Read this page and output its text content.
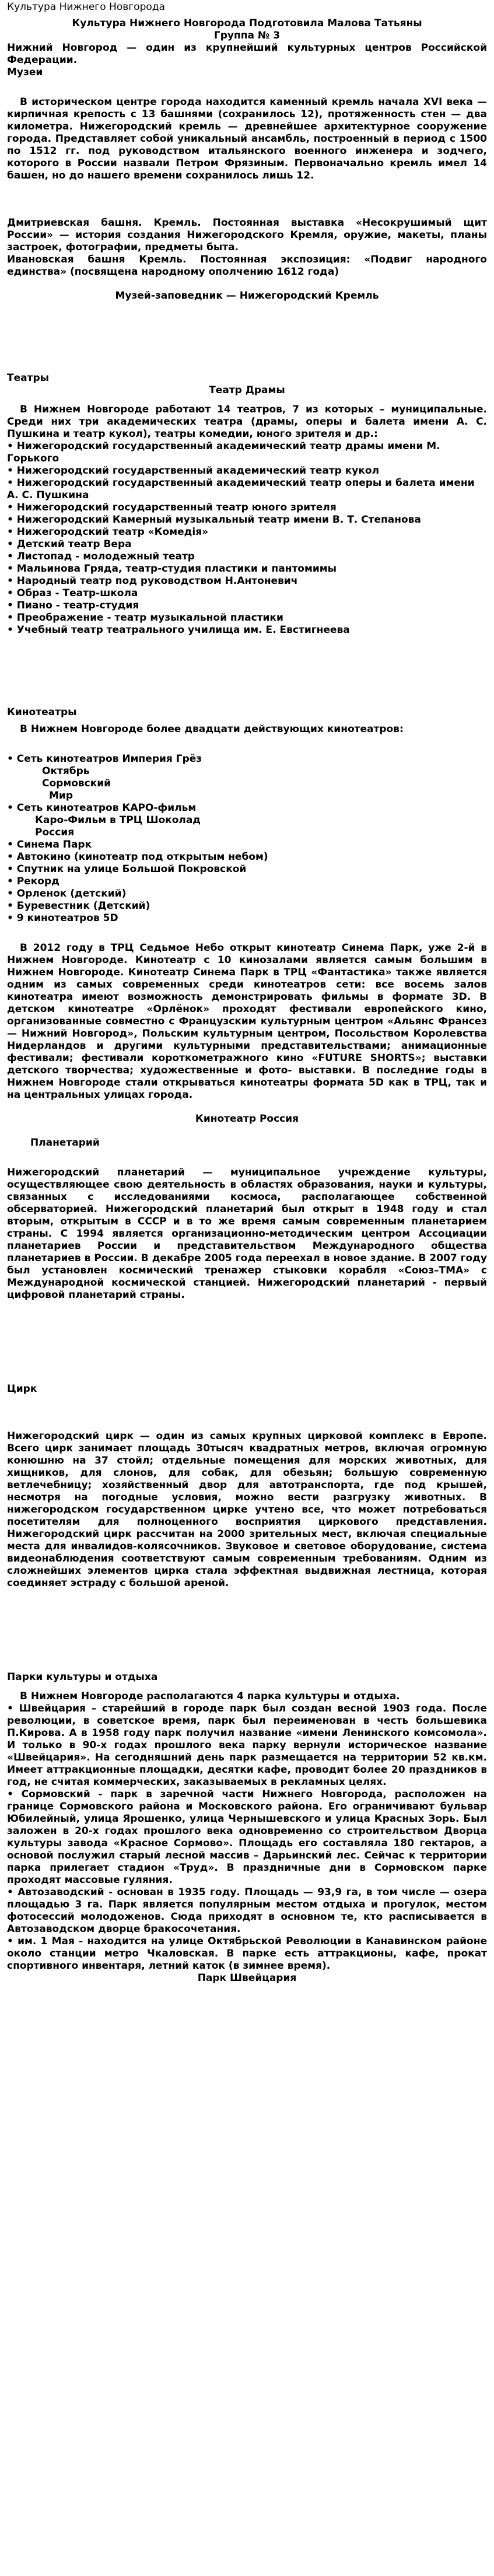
Культура Нижнего Новгорода
Культура Нижнего Новгорода Подготовила Малова Татьяны
Группа № 3
Нижний Новгород — один из крупнейший культурных центров Российской Федерации.
Музеи
В историческом центре города находится каменный кремль начала XVI века — кирпичная крепость с 13 башнями (сохранилось 12), протяженность стен — два километра. Нижегородский кремль — древнейшее архитектурное сооружение города. Представляет собой уникальный ансамбль, построенный в период с 1500 по 1512 гг. под руководством итальянского военного инженера и зодчего, которого в России назвали Петром Фрязиным. Первоначально кремль имел 14 башен, но до нашего времени сохранилось лишь 12.
Дмитриевская башня. Кремль. Постоянная выставка «Несокрушимый щит России» — история создания Нижегородского Кремля, оружие, макеты, планы застроек, фотографии, предметы быта.
Ивановская башня Кремль. Постоянная экспозиция: «Подвиг народного единства» (посвящена народному ополчению 1612 года)
Музей-заповедник — Нижегородский Кремль
Театры
Театр Драмы
В Нижнем Новгороде работают 14 театров, 7 из которых – муниципальные. Среди них три академических театра (драмы, оперы и балета имени А. С. Пушкина и театр кукол), театры комедии, юного зрителя и др.:
• Нижегородский государственный академический театр драмы имени М. Горького
• Нижегородский государственный академический театр кукол
• Нижегородский государственный академический театр оперы и балета имени А. С. Пушкина
• Нижегородский государственный театр юного зрителя
• Нижегородский Камерный музыкальный театр имени В. Т. Степанова
• Нижегородский театр «Комедія»
• Детский театр Вера
• Листопад - молодежный театр
• Мальинова Гряда, театр-студия пластики и пантомимы
• Народный театр под руководством Н.Антоневич
• Образ - Театр-школа
• Пиано - театр-студия
• Преображение - театр музыкальной пластики
• Учебный театр театрального училища им. Е. Евстигнеева
Кинотеатры
В Нижнем Новгороде более двадцати действующих кинотеатров:
• Сеть кинотеатров Империя Грёз
Октябрь
Сормовский
Мир
• Сеть кинотеатров КАРО-фильм
Каро-Фильм в ТРЦ Шоколад
Россия
• Синема Парк
• Автокино (кинотеатр под открытым небом)
• Спутник на улице Большой Покровской
• Рекорд
• Орленок (детский)
• Буревестник (Детский)
• 9 кинотеатров 5D
В 2012 году в ТРЦ Седьмое Небо открыт кинотеатр Синема Парк, уже 2-й в Нижнем Новгороде. Кинотеатр с 10 кинозалами является самым большим в Нижнем Новгороде. Кинотеатр Синема Парк в ТРЦ «Фантастика» также является одним из самых современных среди кинотеатров сети: все восемь залов кинотеатра имеют возможность демонстрировать фильмы в формате 3D. В детском кинотеатре «Орлёнок» проходят фестивали европейского кино, организованные совместно с Французским культурным центром «Альянс Франсез — Нижний Новгород», Польским культурным центром, Посольством Королевства Нидерландов и другими культурными представительствами; анимационные фестивали; фестивали короткометражного кино «FUTURE SHORTS»; выставки детского творчества; художественные и фото- выставки. В последние годы в Нижнем Новгороде стали открываться кинотеатры формата 5D как в ТРЦ, так и на центральных улицах города.
Кинотеатр Россия
Планетарий
Нижегородский планетарий — муниципальное учреждение культуры, осуществляющее свою деятельность в областях образования, науки и культуры, связанных с исследованиями космоса, располагающее собственной обсерваторией. Нижегородский планетарий был открыт в 1948 году и стал вторым, открытым в СССР и в то же время самым современным планетарием страны. С 1994 является организационно-методическим центром Ассоциации планетариев России и представительством Международного общества планетариев в России. В декабре 2005 года переехал в новое здание. В 2007 году был установлен космический тренажер стыковки корабля «Союз–ТМА» с Международной космической станцией. Нижегородский планетарий - первый цифровой планетарий страны.
Цирк
Нижегородский цирк — один из самых крупных цирковой комплекс в Европе. Всего цирк занимает площадь 30тысяч квадратных метров, включая огромную конюшню на 37 стойл; отдельные помещения для морских животных, для хищников, для слонов, для собак, для обезьян; большую современную ветлечебницу; хозяйственный двор для автотранспорта, где под крышей, несмотря на погодные условия, можно вести разгрузку животных. В нижегородском государственном цирке учтено все, что может потребоваться посетителям для полноценного восприятия циркового представления. Нижегородский цирк рассчитан на 2000 зрительных мест, включая специальные места для инвалидов-колясочников. Звуковое и световое оборудование, система видеонаблюдения соответствуют самым современным требованиям. Одним из сложнейших элементов цирка стала эффектная выдвижная лестница, которая соединяет эстраду с большой ареной.
Парки культуры и отдыха
В Нижнем Новгороде располагаются 4 парка культуры и отдыха.
• Швейцария – старейший в городе парк был создан весной 1903 года. После революции, в советское время, парк был переименован в честь большевика П.Кирова. А в 1958 году парк получил название «имени Ленинского комсомола». И только в 90-х годах прошлого века парку вернули историческое название «Швейцария». На сегодняшний день парк размещается на территории 52 кв.км. Имеет аттракционные площадки, десятки кафе, проводит более 20 праздников в год, не считая коммерческих, заказываемых в рекламных целях.
• Сормовский - парк в заречной части Нижнего Новгорода, расположен на границе Сормовского района и Московского района. Его ограничивают бульвар Юбилейный, улица Ярошенко, улица Чернышевского и улица Красных Зорь. Был заложен в 20-х годах прошлого века одновременно со строительством Дворца культуры завода «Красное Сормово». Площадь его составляла 180 гектаров, а основой послужил старый лесной массив – Дарьинский лес. Сейчас к территории парка прилегает стадион «Труд». В праздничные дни в Сормовском парке проходят массовые гуляния.
• Автозаводский - основан в 1935 году. Площадь — 93,9 га, в том числе — озера площадью 3 га. Парк является популярным местом отдыха и прогулок, местом фотосессий молодоженов. Сюда приходят в основном те, кто расписывается в Автозаводском дворце бракосочетания.
• им. 1 Мая - находится на улице Октябрьской Революции в Канавинском районе около станции метро Чкаловская. В парке есть аттракционы, кафе, прокат спортивного инвентаря, летний каток (в зимнее время).
Парк Швейцария
